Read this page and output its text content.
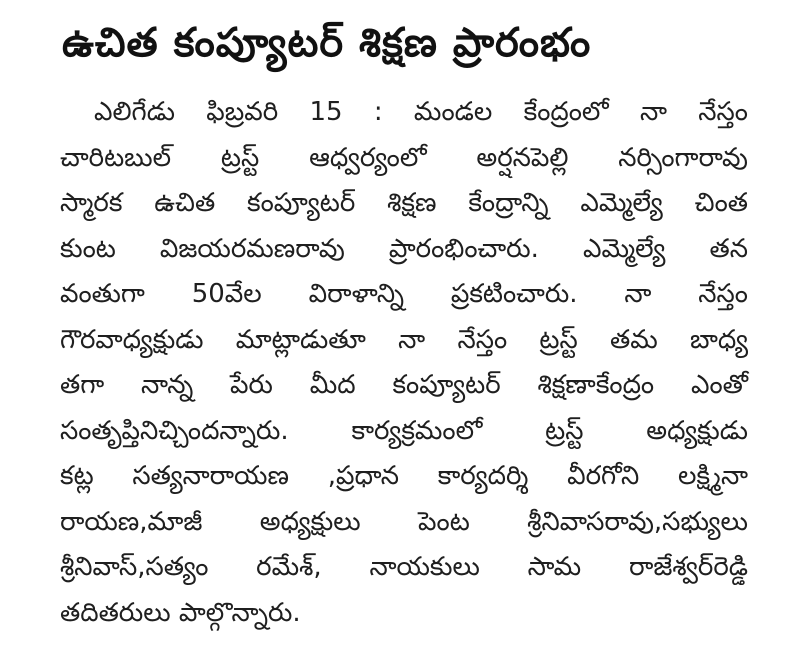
ఉచిత కంప్యూటర్ శిక్షణ ప్రారంభం
ఎలిగేడు ఫిబ్రవరి 15 : మండల కేంద్రంలో నా నేస్తం
చారిటబుల్ ట్రస్ట్ ఆధ్వర్యంలో అర్షనపెల్లి నర్సింగారావు
స్మారక ఉచిత కంప్యూటర్ శిక్షణ కేంద్రాన్ని ఎమ్మెల్యే చింత
కుంట విజయరమణరావు ప్రారంభించారు. ఎమ్మెల్యే తన
వంతుగా 50వేల విరాళాన్ని ప్రకటించారు. నా నేస్తం
గౌరవాధ్యక్షుడు మాట్లాడుతూ నా నేస్తం ట్రస్ట్ తమ బాధ్య
తగా నాన్న పేరు మీద కంప్యూటర్ శిక్షణాకేంద్రం ఎంతో
సంతృప్తినిచ్చిందన్నారు. కార్యక్రమంలో ట్రస్ట్ అధ్యక్షుడు
కట్ల సత్యనారాయణ ,ప్రధాన కార్యదర్శి వీరగోని లక్ష్మినా
రాయణ,మాజీ అధ్యక్షులు పెంట శ్రీనివాసరావు,సభ్యులు
శ్రీనివాస్,సత్యం రమేశ్, నాయకులు సామ రాజేశ్వర్‌రెడ్డి
తదితరులు పాల్గొన్నారు.
